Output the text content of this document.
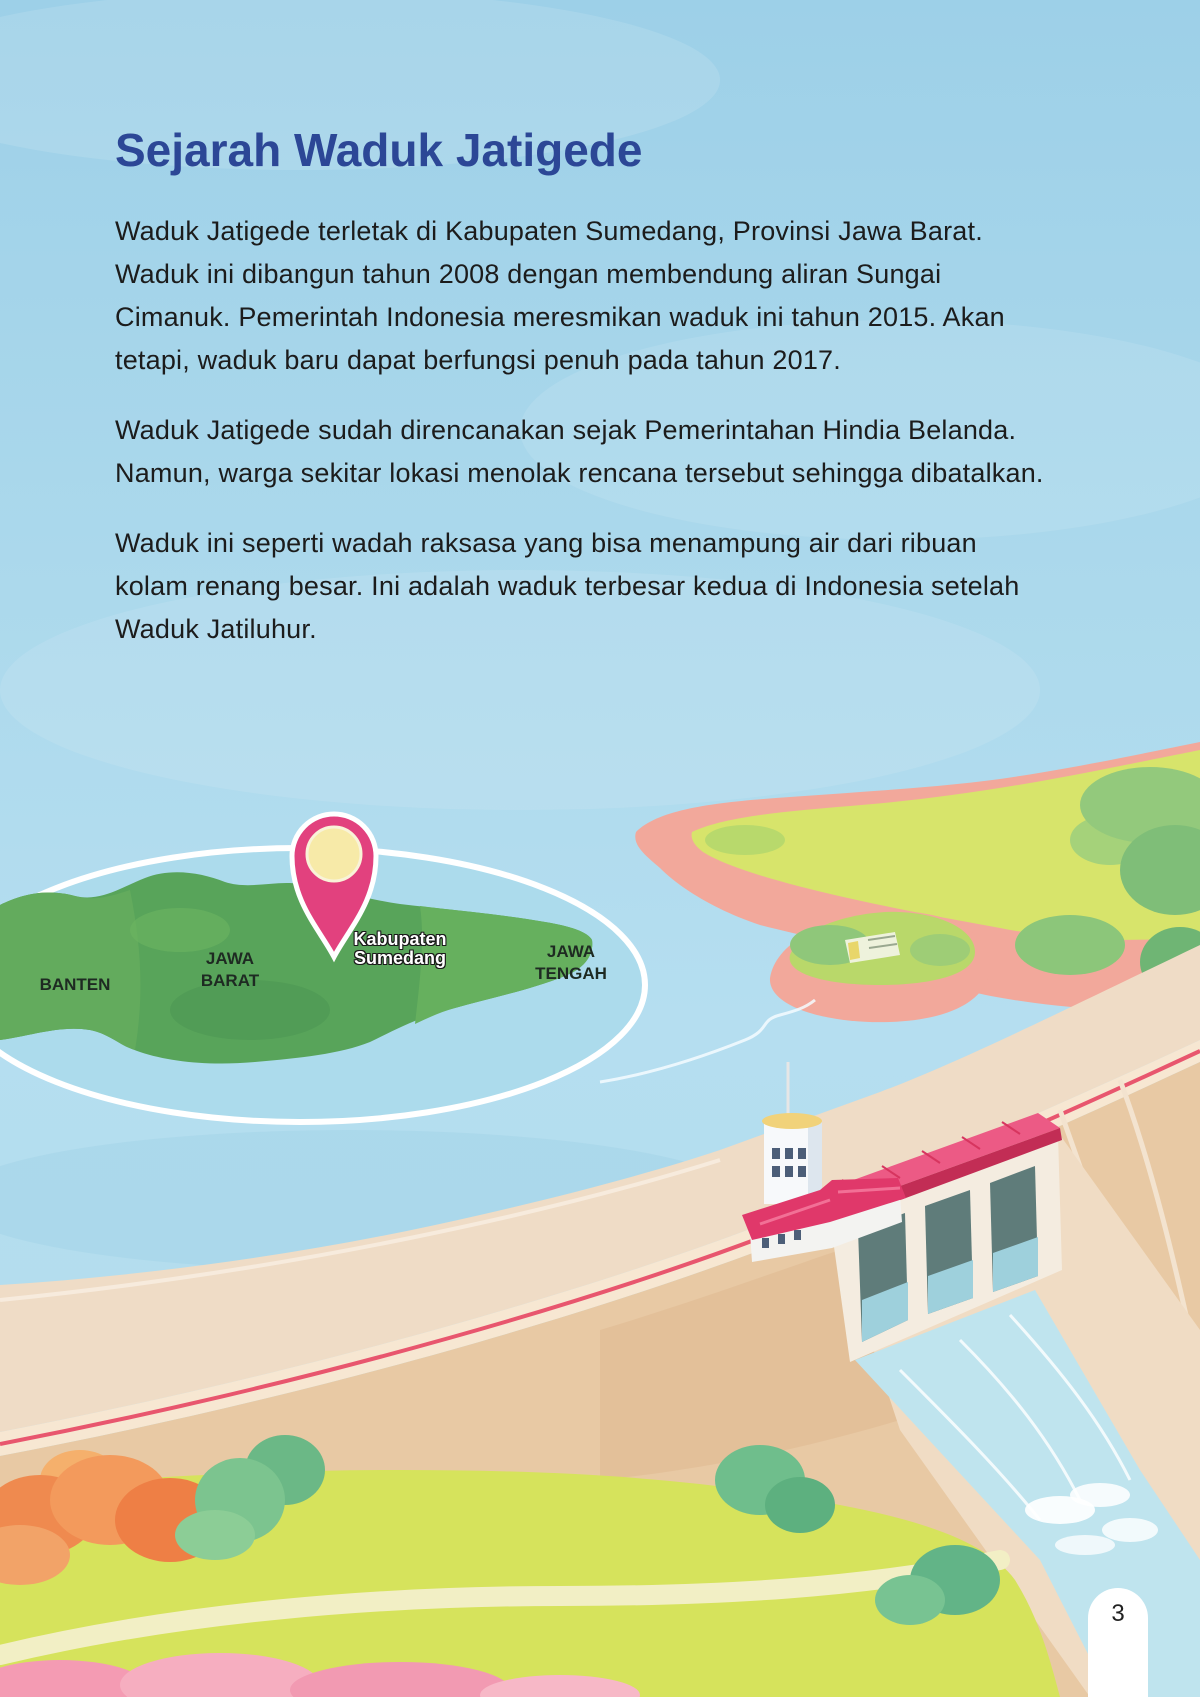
Sejarah Waduk Jatigede

Waduk Jatigede terletak di Kabupaten Sumedang, Provinsi Jawa Barat.
Waduk ini dibangun tahun 2008 dengan membendung aliran Sungai
Cimanuk. Pemerintah Indonesia meresmikan waduk ini tahun 2015. Akan
tetapi, waduk baru dapat berfungsi penuh pada tahun 2017.

Waduk Jatigede sudah direncanakan sejak Pemerintahan Hindia Belanda.
Namun, warga sekitar lokasi menolak rencana tersebut sehingga dibatalkan.

Waduk ini seperti wadah raksasa yang bisa menampung air dari ribuan
kolam renang besar. Ini adalah waduk terbesar kedua di Indonesia setelah
Waduk Jatiluhur.

BANTEN
JAWA BARAT
Kabupaten Sumedang	JAWA TENGAH
3
